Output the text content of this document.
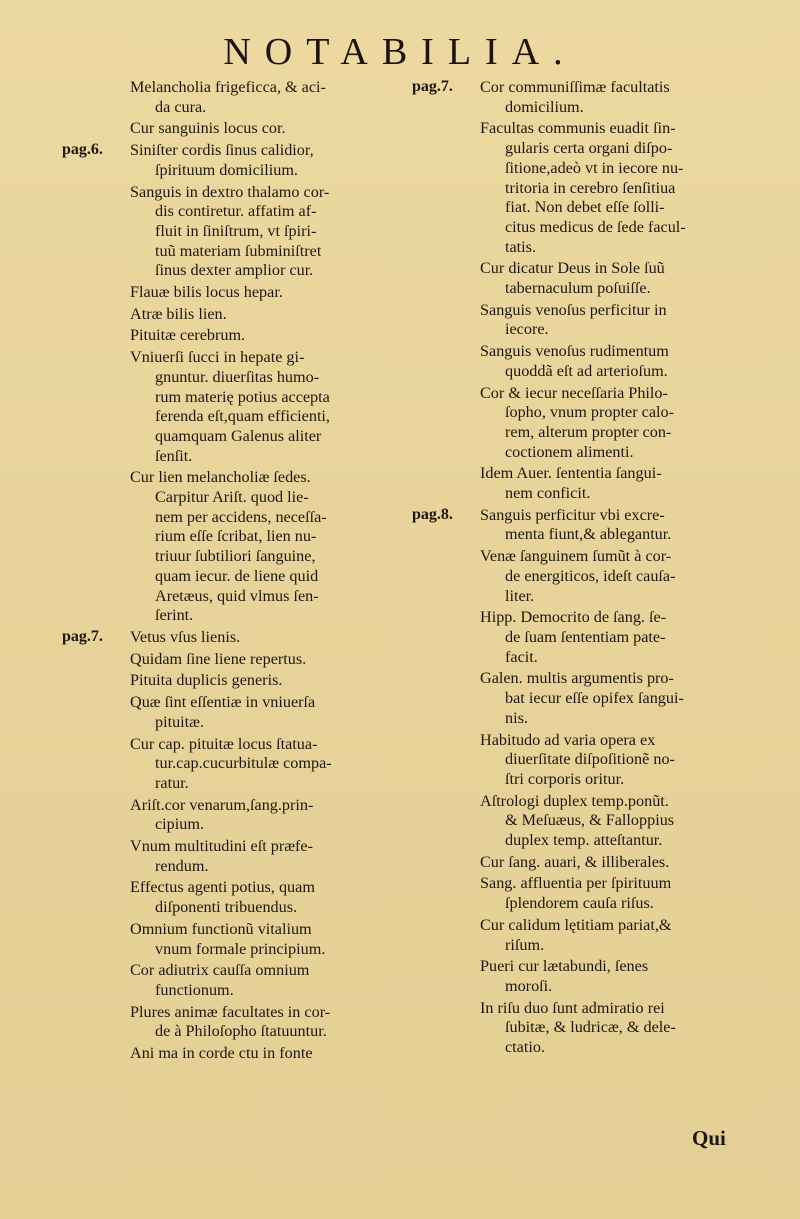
NOTABILIA.
Melancholia frigeficca, & aci-
da cura.
Cur sanguinis locus cor.
Siniſter cordis ſinus calidior,
ſpirituum domicilium.
Sanguis in dextro thalamo cor-
dis contiretur. affatim af-
fluit in ſiniſtrum, vt ſpiri-
tuũ materiam ſubminiſtret
ſinus dexter amplior cur.
Flauæ bilis locus hepar.
Atræ bilis lien.
Pituitæ cerebrum.
Vniuerſi ſucci in hepate gi-
gnuntur. diuerſitas humo-
rum materię potius accepta
ferenda eſt,quam efficienti,
quamquam Galenus aliter
ſenſit.
Cur lien melancholiæ ſedes.
Carpitur Ariſt. quod lie-
nem per accidens, neceſſa-
rium eſſe ſcribat, lien nu-
triuur ſubtiliori ſanguine,
quam iecur. de liene quid
Aretæus, quid vlmus ſen-
ſerint.
Vetus vſus lienis.
Quidam ſine liene repertus.
Pituita duplicis generis.
Quæ ſint eſſentiæ in vniuerſa
pituitæ.
Cur cap. pituitæ locus ſtatua-
tur.cap.cucurbitulæ compa-
ratur.
Ariſt.cor venarum,ſang.prin-
cipium.
Vnum multitudini eſt præfe-
rendum.
Effectus agenti potius, quam
diſponenti tribuendus.
Omnium functionũ vitalium
vnum formale principium.
Cor adiutrix cauſſa omnium
functionum.
Plures animæ facultates in cor-
de à Philoſopho ſtatuuntur.
Ani ma in corde ctu in fonte
Cor communiſſimæ facultatis
domicilium.
Facultas communis euadit ſin-
gularis certa organi diſpo-
ſitione,adeò vt in iecore nu-
tritoria in cerebro ſenſitiua
fiat. Non debet eſſe ſolli-
citus medicus de ſede facul-
tatis.
Cur dicatur Deus in Sole ſuũ
tabernaculum poſuiſſe.
Sanguis venoſus perficitur in
iecore.
Sanguis venoſus rudimentum
quoddã eſt ad arterioſum.
Cor & iecur neceſſaria Philo-
ſopho, vnum propter calo-
rem, alterum propter con-
coctionem alimenti.
Idem Auer. ſententia ſangui-
nem conficit.
Sanguis perficitur vbi excre-
menta fiunt,& ablegantur.
Venæ ſanguinem ſumũt à cor-
de energiticos, ideſt cauſa-
liter.
Hipp. Democrito de ſang. ſe-
de ſuam ſententiam pate-
facit.
Galen. multis argumentis pro-
bat iecur eſſe opifex ſangui-
nis.
Habitudo ad varia opera ex
diuerſitate diſpoſitionẽ no-
ſtri corporis oritur.
Aſtrologi duplex temp.ponũt.
& Meſuæus, & Falloppius
duplex temp. atteſtantur.
Cur ſang. auari, & illiberales.
Sang. affluentia per ſpirituum
ſplendorem cauſa riſus.
Cur calidum lętitiam pariat,&
riſum.
Pueri cur lætabundi, ſenes
moroſi.
In riſu duo ſunt admiratio rei
ſubitæ, & ludricæ, & dele-
ctatio.
Qui
pag.6.
pag.7.
pag.7.
pag.8.
